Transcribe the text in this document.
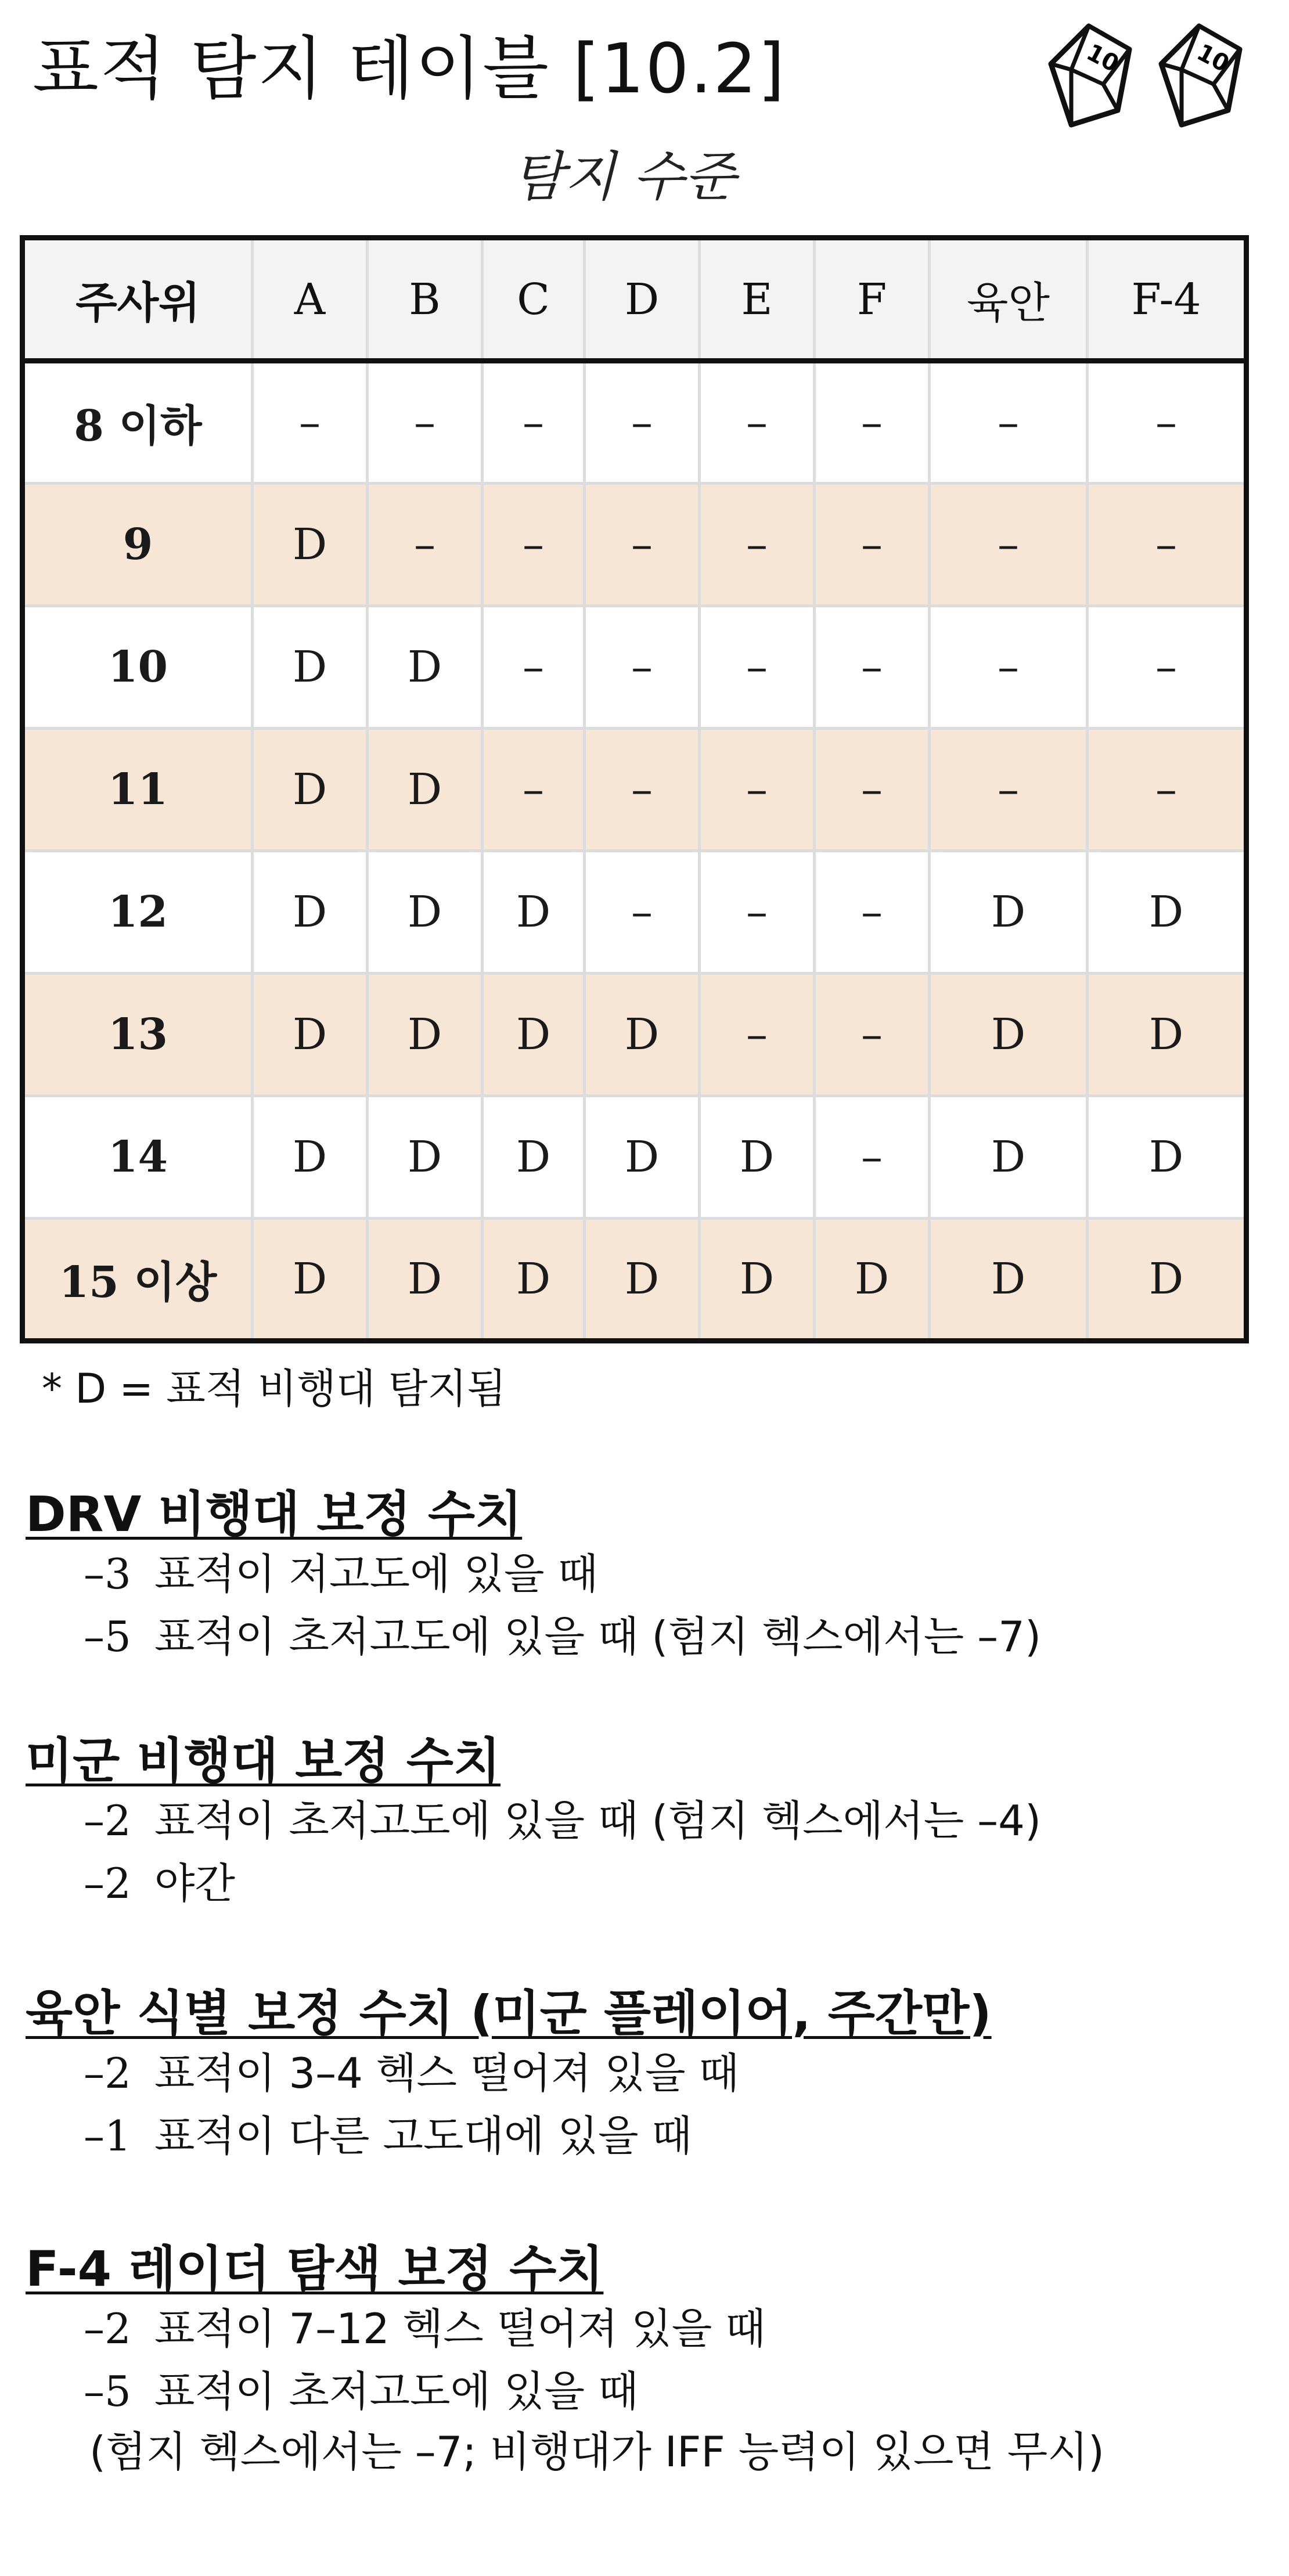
표적 탐지 테이블 [10.2]	10	10
탐지 수준
주사위	A	B	C	D	E	F	육안	F-4
8 이하	–	–	–	–	–	–	–	–
9	D	–	–	–	–	–	–	–
10	D	D	–	–	–	–	–	–
11	D	D	–	–	–	–	–	–
12	D	D	D	–	–	–	D	D
13	D	D	D	D	–	–	D	D
14	D	D	D	D	D	–	D	D
15 이상	D	D	D	D	D	D	D	D
* D = 표적 비행대 탐지됨
DRV 비행대 보정 수치
–3 표적이 저고도에 있을 때
–5 표적이 초저고도에 있을 때 (험지 헥스에서는 –7)
미군 비행대 보정 수치
–2 표적이 초저고도에 있을 때 (험지 헥스에서는 –4)
–2 야간
육안 식별 보정 수치 (미군 플레이어, 주간만)
–2 표적이 3–4 헥스 떨어져 있을 때
–1 표적이 다른 고도대에 있을 때
F-4 레이더 탐색 보정 수치
–2 표적이 7–12 헥스 떨어져 있을 때
–5 표적이 초저고도에 있을 때
(험지 헥스에서는 –7; 비행대가 IFF 능력이 있으면 무시)
